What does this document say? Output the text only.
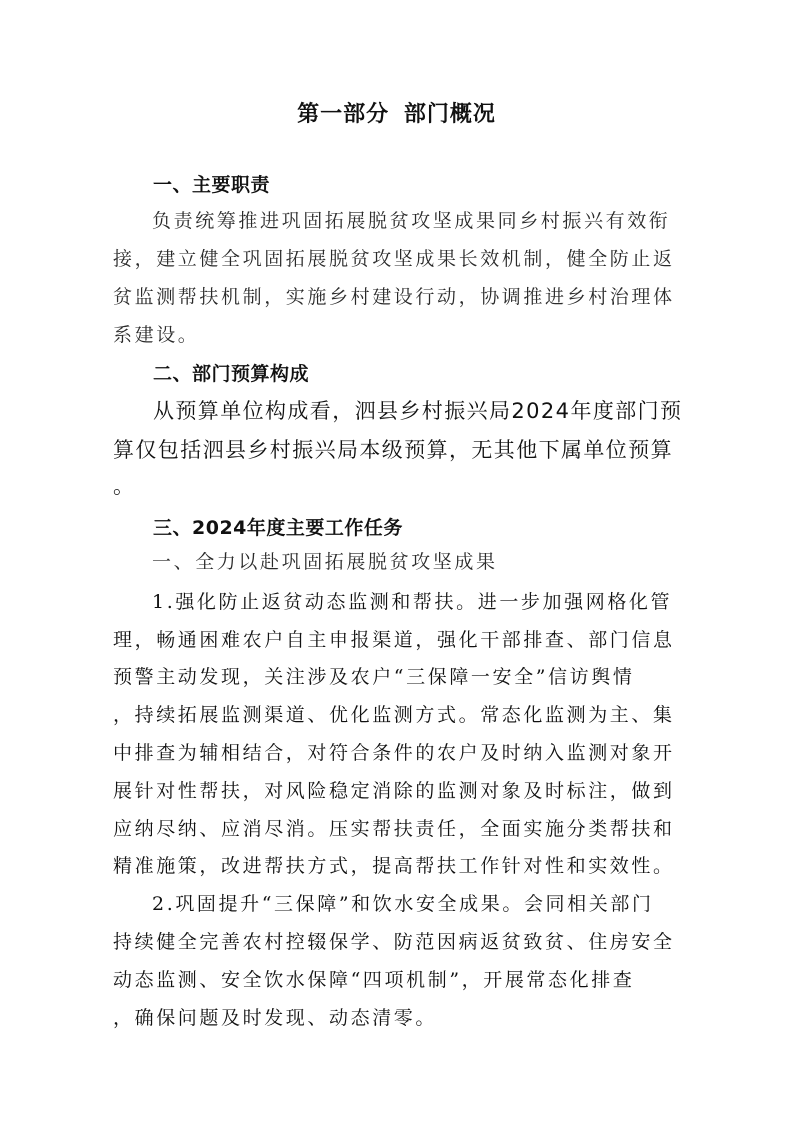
第一部分 部门概况
一、主要职责
负责统筹推进巩固拓展脱贫攻坚成果同乡村振兴有效衔
接，建立健全巩固拓展脱贫攻坚成果长效机制，健全防止返
贫监测帮扶机制，实施乡村建设行动，协调推进乡村治理体
系建设。
二、部门预算构成
从预算单位构成看，泗县乡村振兴局2024年度部门预
算仅包括泗县乡村振兴局本级预算，无其他下属单位预算
。
三、2024年度主要工作任务
一、全力以赴巩固拓展脱贫攻坚成果
1.强化防止返贫动态监测和帮扶。进一步加强网格化管
理，畅通困难农户自主申报渠道，强化干部排查、部门信息
预警主动发现，关注涉及农户“三保障一安全”信访舆情
，持续拓展监测渠道、优化监测方式。常态化监测为主、集
中排查为辅相结合，对符合条件的农户及时纳入监测对象开
展针对性帮扶，对风险稳定消除的监测对象及时标注，做到
应纳尽纳、应消尽消。压实帮扶责任，全面实施分类帮扶和
精准施策，改进帮扶方式，提高帮扶工作针对性和实效性。
2.巩固提升“三保障”和饮水安全成果。会同相关部门
持续健全完善农村控辍保学、防范因病返贫致贫、住房安全
动态监测、安全饮水保障“四项机制”，开展常态化排查
，确保问题及时发现、动态清零。
